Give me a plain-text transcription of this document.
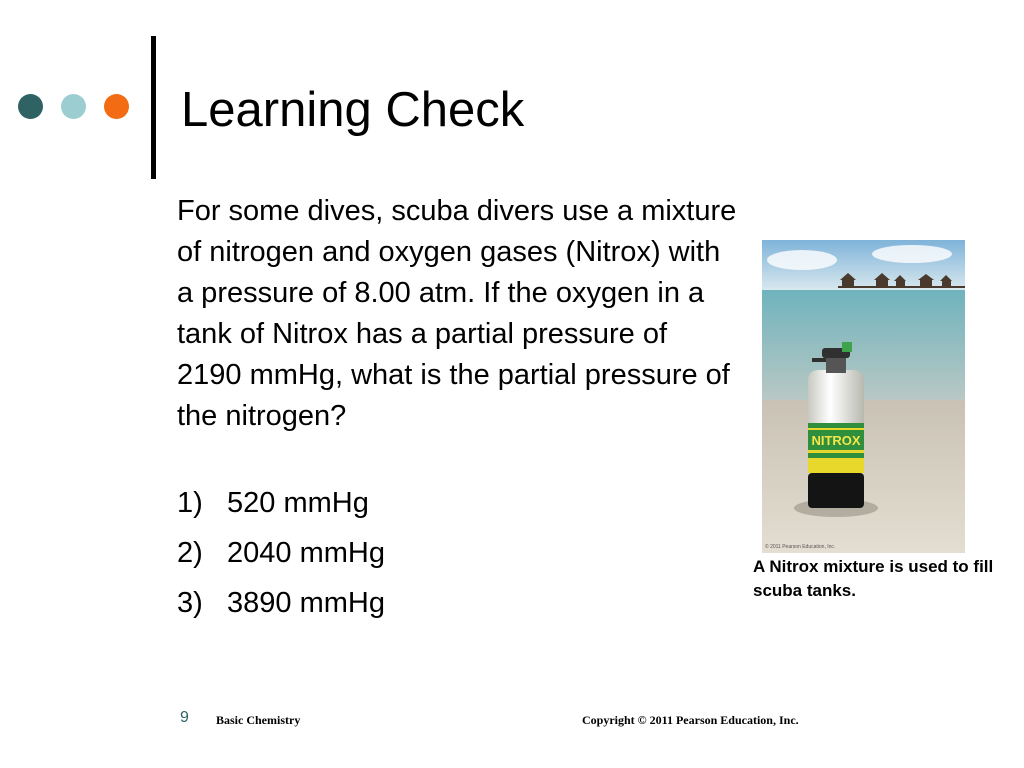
Learning Check

For some dives, scuba divers use a mixture of nitrogen and oxygen gases (Nitrox) with a pressure of 8.00 atm. If the oxygen in a tank of Nitrox has a partial pressure of 2190 mmHg, what is the partial pressure of the nitrogen?

1) 520 mmHg
2) 2040 mmHg
3) 3890 mmHg
NITROX
© 2011 Pearson Education, Inc.
A Nitrox mixture is used to fill scuba tanks.
9 Basic Chemistry	Copyright © 2011 Pearson Education, Inc.
